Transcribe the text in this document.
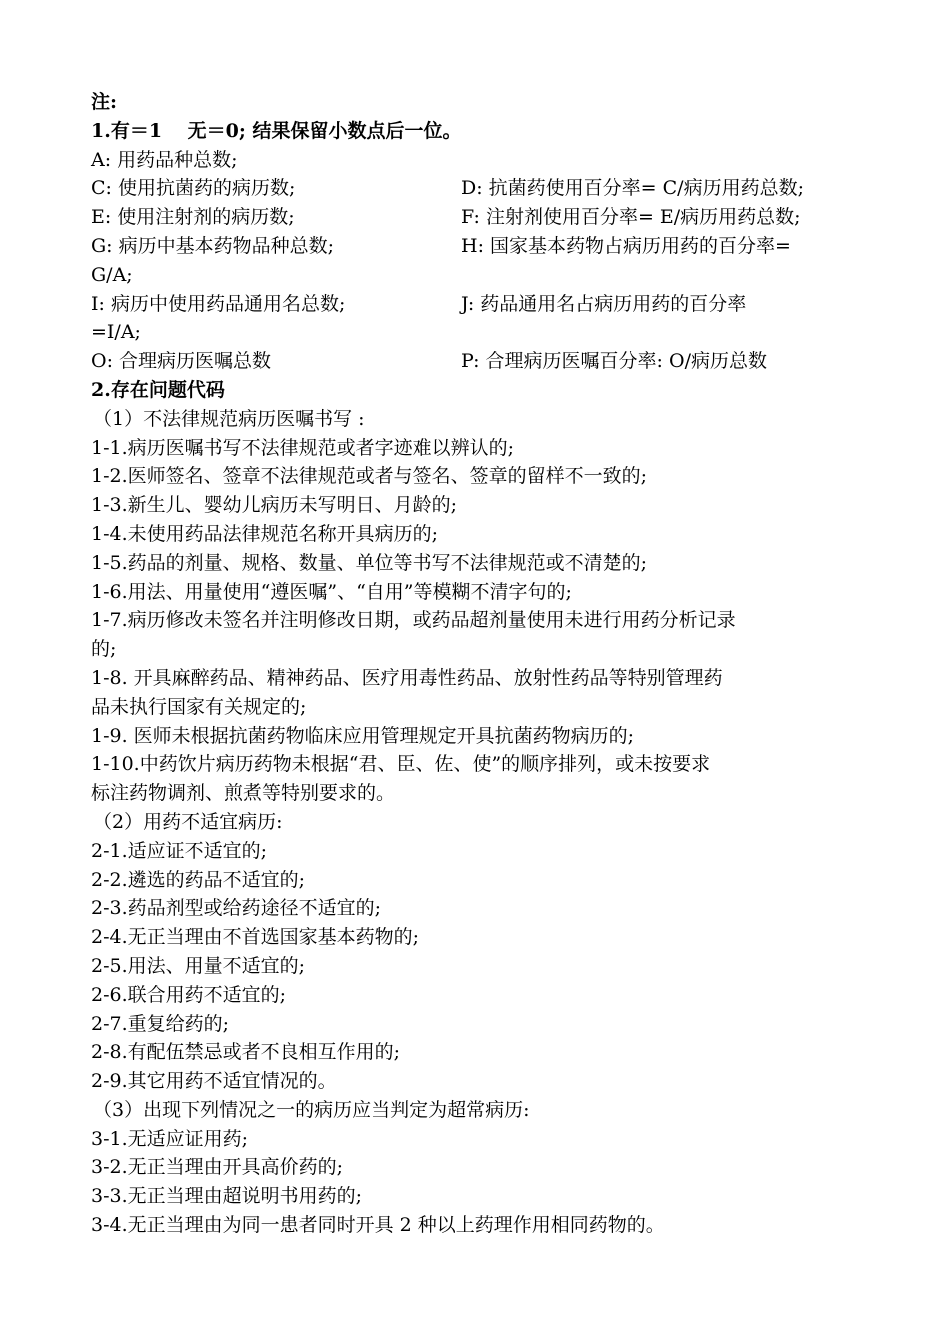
注:
1.有＝1　 无＝0; 结果保留小数点后一位。
A: 用药品种总数;
C: 使用抗菌药的病历数;	D: 抗菌药使用百分率= C/病历用药总数;
E: 使用注射剂的病历数;	F: 注射剂使用百分率= E/病历用药总数;
G: 病历中基本药物品种总数;	H: 国家基本药物占病历用药的百分率=
G/A;
I: 病历中使用药品通用名总数;	J: 药品通用名占病历用药的百分率
=I/A;
O: 合理病历医嘱总数	P: 合理病历医嘱百分率: O/病历总数
2.存在问题代码
（1）不法律规范病历医嘱书写 :
1-1.病历医嘱书写不法律规范或者字迹难以辨认的;
1-2.医师签名、签章不法律规范或者与签名、签章的留样不一致的;
1-3.新生儿、婴幼儿病历未写明日、月龄的;
1-4.未使用药品法律规范名称开具病历的;
1-5.药品的剂量、规格、数量、单位等书写不法律规范或不清楚的;
1-6.用法、用量使用“遵医嘱”、“自用”等模糊不清字句的;
1-7.病历修改未签名并注明修改日期，或药品超剂量使用未进行用药分析记录
的;
1-8. 开具麻醉药品、精神药品、医疗用毒性药品、放射性药品等特别管理药
品未执行国家有关规定的;
1-9. 医师未根据抗菌药物临床应用管理规定开具抗菌药物病历的;
1-10.中药饮片病历药物未根据“君、臣、佐、使”的顺序排列，或未按要求
标注药物调剂、煎煮等特别要求的。
（2）用药不适宜病历:
2-1.适应证不适宜的;
2-2.遴选的药品不适宜的;
2-3.药品剂型或给药途径不适宜的;
2-4.无正当理由不首选国家基本药物的;
2-5.用法、用量不适宜的;
2-6.联合用药不适宜的;
2-7.重复给药的;
2-8.有配伍禁忌或者不良相互作用的;
2-9.其它用药不适宜情况的。
（3）出现下列情况之一的病历应当判定为超常病历:
3-1.无适应证用药;
3-2.无正当理由开具高价药的;
3-3.无正当理由超说明书用药的;
3-4.无正当理由为同一患者同时开具 2 种以上药理作用相同药物的。
